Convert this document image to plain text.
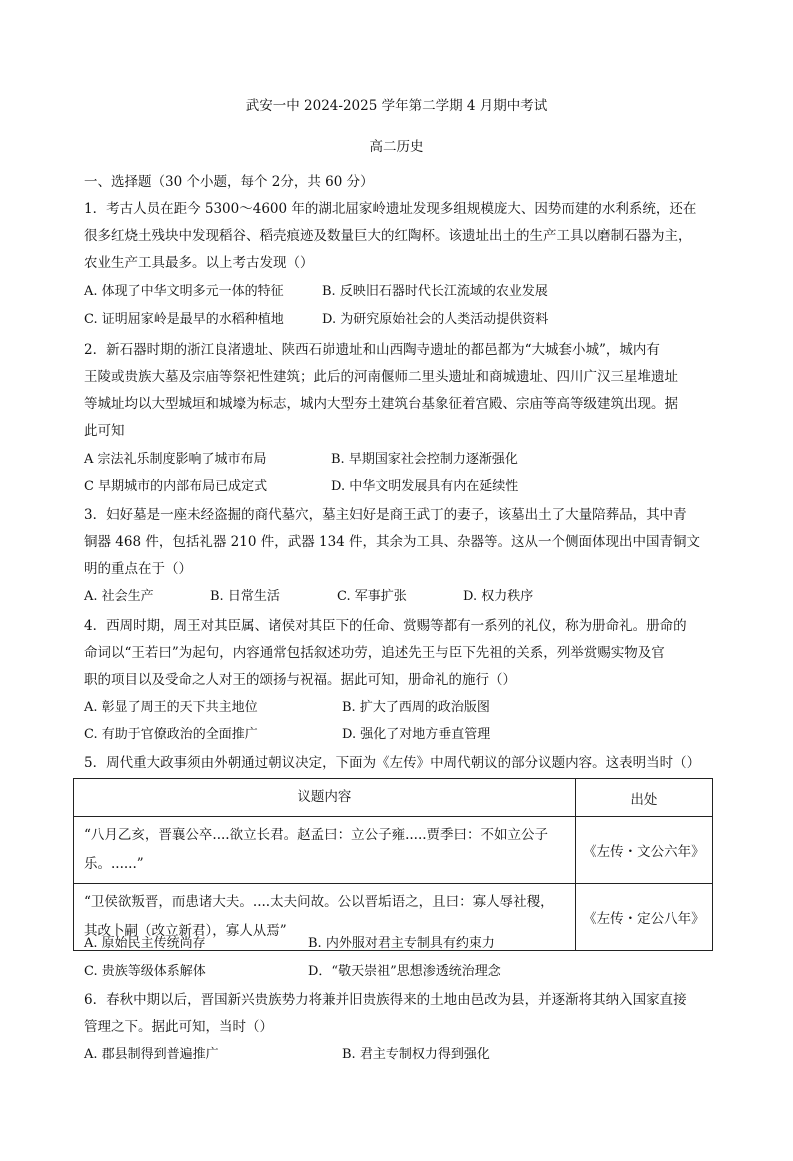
武安一中 2024-2025 学年第二学期 4 月期中考试
高二历史
一、选择题（30 个小题，每个 2分，共 60 分）
1．考古人员在距今 5300～4600 年的湖北屈家岭遗址发现多组规模庞大、因势而建的水利系统，还在
很多红烧土残块中发现稻谷、稻壳痕迹及数量巨大的红陶杯。该遗址出土的生产工具以磨制石器为主，
农业生产工具最多。以上考古发现（）
A. 体现了中华文明多元一体的特征	B. 反映旧石器时代长江流域的农业发展
C. 证明屈家岭是最早的水稻种植地	D. 为研究原始社会的人类活动提供资料
2．新石器时期的浙江良渚遗址、陕西石峁遗址和山西陶寺遗址的都邑都为“大城套小城”，城内有
王陵或贵族大墓及宗庙等祭祀性建筑；此后的河南偃师二里头遗址和商城遗址、四川广汉三星堆遗址
等城址均以大型城垣和城壕为标志，城内大型夯土建筑台基象征着宫殿、宗庙等高等级建筑出现。据
此可知
A 宗法礼乐制度影响了城市布局	B. 早期国家社会控制力逐渐强化
C 早期城市的内部布局已成定式	D. 中华文明发展具有内在延续性
3．妇好墓是一座未经盗掘的商代墓穴，墓主妇好是商王武丁的妻子，该墓出土了大量陪葬品，其中青
铜器 468 件，包括礼器 210 件，武器 134 件，其余为工具、杂器等。这从一个侧面体现出中国青铜文
明的重点在于（）
A. 社会生产	B. 日常生活	C. 军事扩张	D. 权力秩序
4．西周时期，周王对其臣属、诸侯对其臣下的任命、赏赐等都有一系列的礼仪，称为册命礼。册命的
命词以“王若曰”为起句，内容通常包括叙述功劳，追述先王与臣下先祖的关系，列举赏赐实物及官
职的项目以及受命之人对王的颂扬与祝福。据此可知，册命礼的施行（）
A. 彰显了周王的天下共主地位	B. 扩大了西周的政治版图
C. 有助于官僚政治的全面推广	D. 强化了对地方垂直管理
5．周代重大政事须由外朝通过朝议决定，下面为《左传》中周代朝议的部分议题内容。这表明当时（）
议题内容	出处
“八月乙亥，晋襄公卒....欲立长君。赵孟曰：立公子雍.....贾季曰：不如立公子乐。......”	《左传・文公六年》
“卫侯欲叛晋，而患诸大夫。....太夫问故。公以晋垢语之，且曰：寡人辱社稷，其改卜嗣（改立新君），寡人从焉”	《左传・定公八年》
A. 原始民主传统尚存	B. 内外服对君主专制具有约束力
C. 贵族等级体系解体	D．“敬天崇祖”思想渗透统治理念
6．春秋中期以后，晋国新兴贵族势力将兼并旧贵族得来的土地由邑改为县，并逐渐将其纳入国家直接
管理之下。据此可知，当时（）
A. 郡县制得到普遍推广	B. 君主专制权力得到强化
